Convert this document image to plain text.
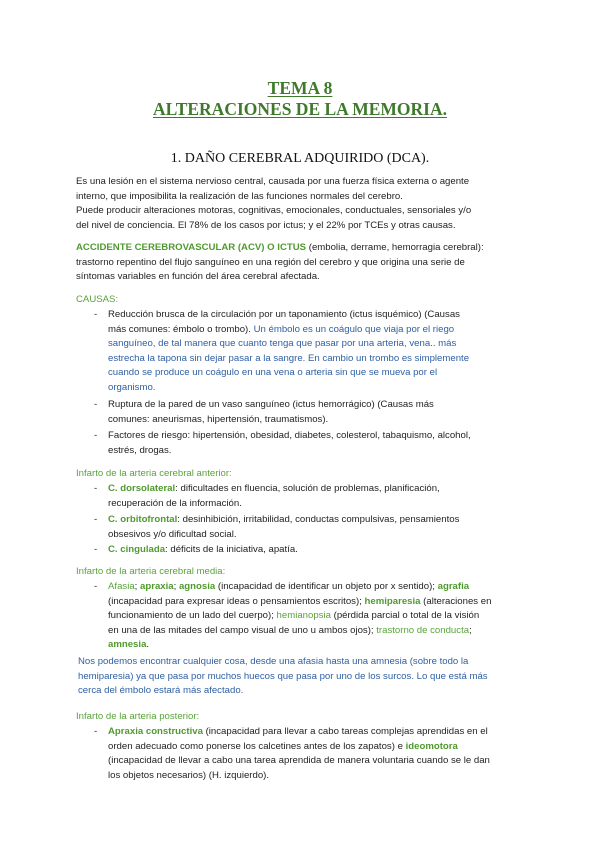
TEMA 8
ALTERACIONES DE LA MEMORIA.
1. DAÑO CEREBRAL ADQUIRIDO (DCA).
Es una lesión en el sistema nervioso central, causada por una fuerza física externa o agente
interno, que imposibilita la realización de las funciones normales del cerebro.
Puede producir alteraciones motoras, cognitivas, emocionales, conductuales, sensoriales y/o
del nivel de conciencia. El 78% de los casos por ictus; y el 22% por TCEs y otras causas.
ACCIDENTE CEREBROVASCULAR (ACV) O ICTUS (embolia, derrame, hemorragia cerebral):
trastorno repentino del flujo sanguíneo en una región del cerebro y que origina una serie de
síntomas variables en función del área cerebral afectada.
CAUSAS:
- Reducción brusca de la circulación por un taponamiento (ictus isquémico) (Causas
más comunes: émbolo o trombo). Un émbolo es un coágulo que viaja por el riego
sanguíneo, de tal manera que cuanto tenga que pasar por una arteria, vena.. más
estrecha la tapona sin dejar pasar a la sangre. En cambio un trombo es simplemente
cuando se produce un coágulo en una vena o arteria sin que se mueva por el
organismo.
- Ruptura de la pared de un vaso sanguíneo (ictus hemorrágico) (Causas más
comunes: aneurismas, hipertensión, traumatismos).
- Factores de riesgo: hipertensión, obesidad, diabetes, colesterol, tabaquismo, alcohol,
estrés, drogas.
Infarto de la arteria cerebral anterior:
- C. dorsolateral: dificultades en fluencia, solución de problemas, planificación,
recuperación de la información.
- C. orbitofrontal: desinhibición, irritabilidad, conductas compulsivas, pensamientos
obsesivos y/o dificultad social.
- C. cingulada: déficits de la iniciativa, apatía.
Infarto de la arteria cerebral media:
- Afasia; apraxia; agnosia (incapacidad de identificar un objeto por x sentido); agrafia
(incapacidad para expresar ideas o pensamientos escritos); hemiparesia (alteraciones en
funcionamiento de un lado del cuerpo); hemianopsia (pérdida parcial o total de la visión
en una de las mitades del campo visual de uno u ambos ojos); trastorno de conducta;
amnesia.
Nos podemos encontrar cualquier cosa, desde una afasia hasta una amnesia (sobre todo la
hemiparesia) ya que pasa por muchos huecos que pasa por uno de los surcos. Lo que está más
cerca del émbolo estará más afectado.
Infarto de la arteria posterior:
- Apraxia constructiva (incapacidad para llevar a cabo tareas complejas aprendidas en el
orden adecuado como ponerse los calcetines antes de los zapatos) e ideomotora
(incapacidad de llevar a cabo una tarea aprendida de manera voluntaria cuando se le dan
los objetos necesarios) (H. izquierdo).
